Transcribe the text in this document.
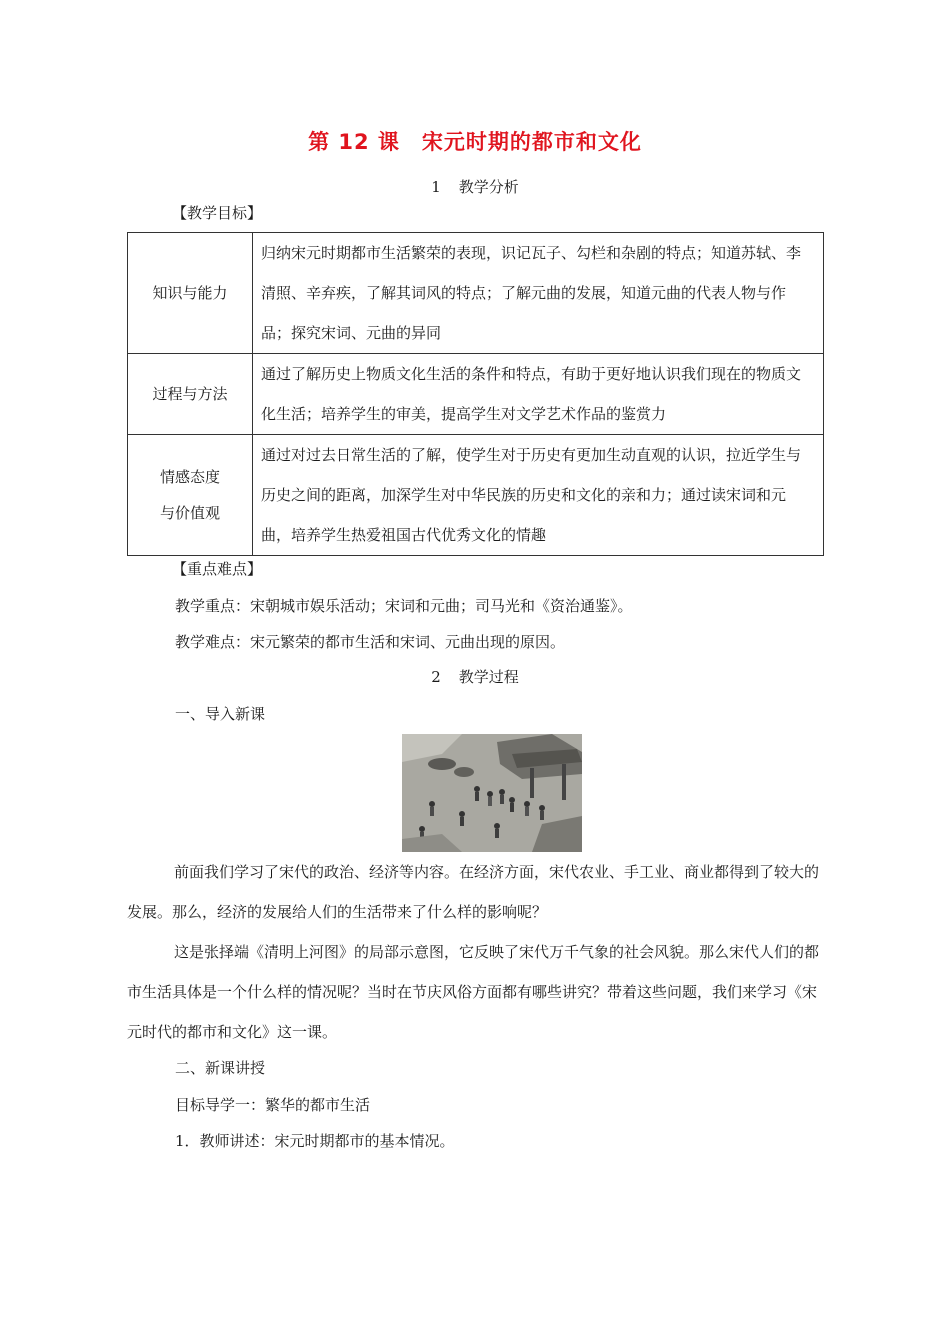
第 12 课 宋元时期的都市和文化
1 教学分析
【教学目标】
知识与能力	归纳宋元时期都市生活繁荣的表现，识记瓦子、勾栏和杂剧的特点；知道苏轼、李清照、辛弃疾，了解其词风的特点；了解元曲的发展，知道元曲的代表人物与作品；探究宋词、元曲的异同

过程与方法	通过了解历史上物质文化生活的条件和特点，有助于更好地认识我们现在的物质文化生活；培养学生的审美，提高学生对文学艺术作品的鉴赏力

情感态度
与价值观	通过对过去日常生活的了解，使学生对于历史有更加生动直观的认识，拉近学生与历史之间的距离，加深学生对中华民族的历史和文化的亲和力；通过读宋词和元曲，培养学生热爱祖国古代优秀文化的情趣
【重点难点】
教学重点：宋朝城市娱乐活动；宋词和元曲；司马光和《资治通鉴》。
教学难点：宋元繁荣的都市生活和宋词、元曲出现的原因。
2 教学过程
一、导入新课
前面我们学习了宋代的政治、经济等内容。在经济方面，宋代农业、手工业、商业都得到了较大的发展。那么，经济的发展给人们的生活带来了什么样的影响呢？
这是张择端《清明上河图》的局部示意图，它反映了宋代万千气象的社会风貌。那么宋代人们的都市生活具体是一个什么样的情况呢？当时在节庆风俗方面都有哪些讲究？带着这些问题，我们来学习《宋元时代的都市和文化》这一课。
二、新课讲授
目标导学一：繁华的都市生活
1．教师讲述：宋元时期都市的基本情况。
